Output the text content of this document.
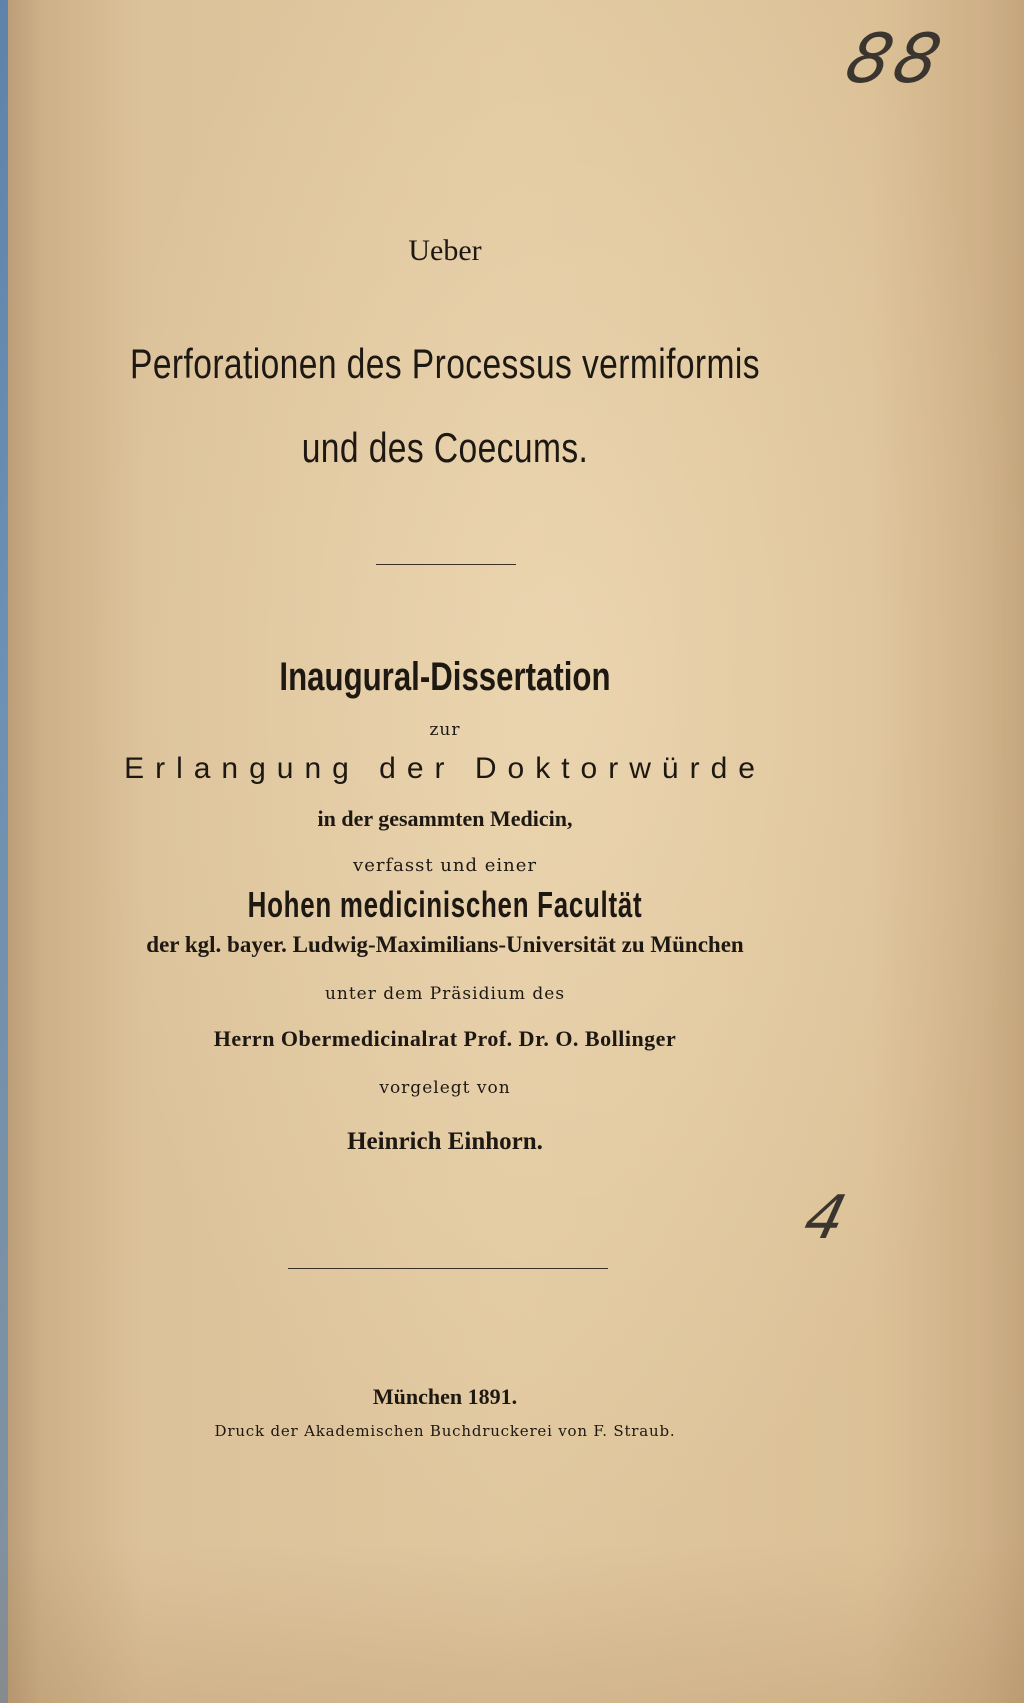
88
Ueber
Perforationen des Processus vermiformis
und des Coecums.
Inaugural-Dissertation
zur
Erlangung der Doktorwürde
in der gesammten Medicin,
verfasst und einer
Hohen medicinischen Facultät
der kgl. bayer. Ludwig-Maximilians-Universität zu München
unter dem Präsidium des
Herrn Obermedicinalrat Prof. Dr. O. Bollinger
vorgelegt von
Heinrich Einhorn.
4
München 1891.
Druck der Akademischen Buchdruckerei von F. Straub.
